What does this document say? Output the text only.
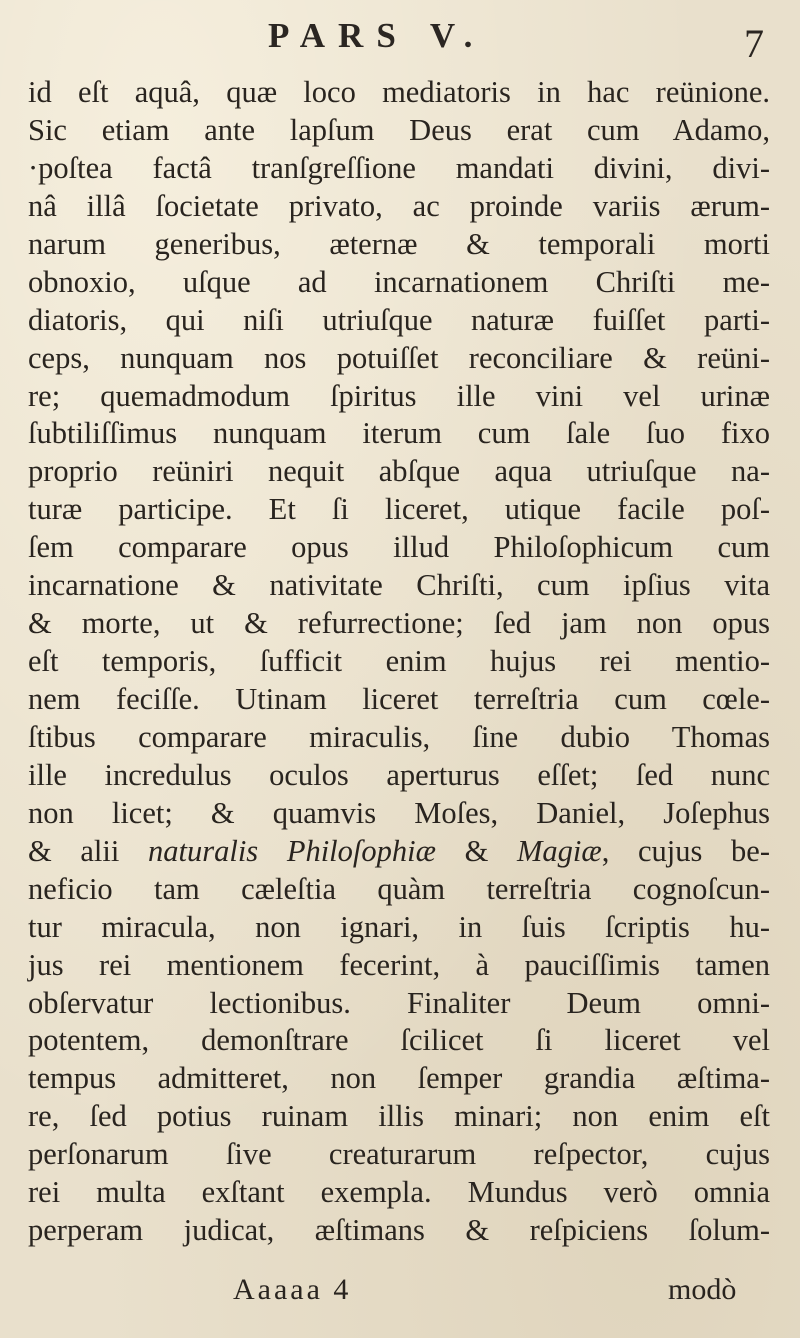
PARS V.	7
id eſt aquâ, quæ loco mediatoris in hac reünione.
Sic etiam ante lapſum Deus erat cum Adamo,
·poſtea factâ tranſgreſſione mandati divini, divi-
nâ illâ ſocietate privato, ac proinde variis ærum-
narum generibus, æternæ & temporali morti
obnoxio, uſque ad incarnationem Chriſti me-
diatoris, qui niſi utriuſque naturæ fuiſſet parti-
ceps, nunquam nos potuiſſet reconciliare & reüni-
re; quemadmodum ſpiritus ille vini vel urinæ
ſubtiliſſimus nunquam iterum cum ſale ſuo fixo
proprio reüniri nequit abſque aqua utriuſque na-
turæ participe. Et ſi liceret, utique facile poſ-
ſem comparare opus illud Philoſophicum cum
incarnatione & nativitate Chriſti, cum ipſius vita
& morte, ut & refurrectione; ſed jam non opus
eſt temporis, ſufficit enim hujus rei mentio-
nem feciſſe. Utinam liceret terreſtria cum cœle-
ſtibus comparare miraculis, ſine dubio Thomas
ille incredulus oculos aperturus eſſet; ſed nunc
non licet; & quamvis Moſes, Daniel, Joſephus
& alii naturalis Philoſophiæ & Magiæ, cujus be-
neficio tam cæleſtia quàm terreſtria cognoſcun-
tur miracula, non ignari, in ſuis ſcriptis hu-
jus rei mentionem fecerint, à pauciſſimis tamen
obſervatur lectionibus. Finaliter Deum omni-
potentem, demonſtrare ſcilicet ſi liceret vel
tempus admitteret, non ſemper grandia æſtima-
re, ſed potius ruinam illis minari; non enim eſt
perſonarum ſive creaturarum reſpector, cujus
rei multa exſtant exempla. Mundus verò omnia
perperam judicat, æſtimans & reſpiciens ſolum-
Aaaaa 4	modò
